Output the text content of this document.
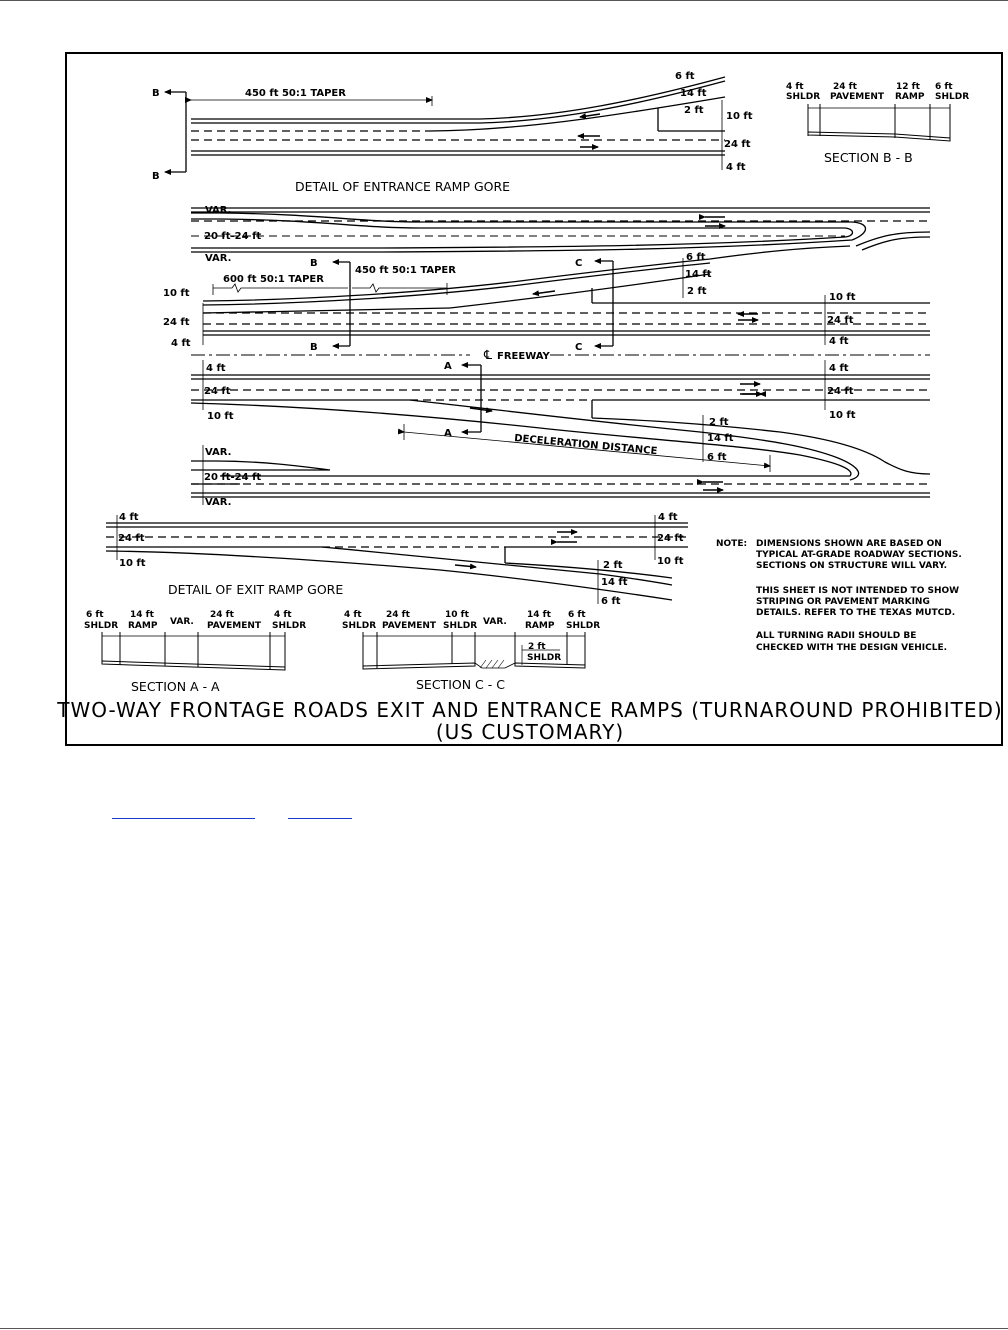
B
B
450 ft 50:1 TAPER
6 ft
14 ft
2 ft
10 ft
24 ft
4 ft
DETAIL OF ENTRANCE RAMP GORE
4 ft
SHLDR
24 ft
PAVEMENT
12 ft
RAMP
6 ft
SHLDR
SECTION B - B
VAR.
20 ft-24 ft
VAR.	B
B
C
C
600 ft 50:1 TAPER
450 ft 50:1 TAPER
6 ft
14 ft
2 ft
10 ft
24 ft
4 ft
10 ft
24 ft
4 ft
℄ FREEWAY
4 ft
24 ft
10 ft
4 ft
24 ft
10 ft
A
A
2 ft
14 ft
6 ft
DECELERATION DISTANCE
VAR.
20 ft-24 ft
VAR.
4 ft
24 ft
10 ft
4 ft
24 ft
10 ft
2 ft
14 ft
6 ft
DETAIL OF EXIT RAMP GORE
NOTE: DIMENSIONS SHOWN ARE BASED ON
TYPICAL AT-GRADE ROADWAY SECTIONS.
SECTIONS ON STRUCTURE WILL VARY.
THIS SHEET IS NOT INTENDED TO SHOW
STRIPING OR PAVEMENT MARKING
DETAILS. REFER TO THE TEXAS MUTCD.
ALL TURNING RADII SHOULD BE
CHECKED WITH THE DESIGN VEHICLE.
6 ft
SHLDR
14 ft
RAMP VAR.
24 ft
PAVEMENT
4 ft
SHLDR
SECTION A - A
4 ft
SHLDR
24 ft
PAVEMENT
10 ft
SHLDR VAR.
14 ft
RAMP
6 ft
SHLDR
2 ft
SHLDR
SECTION C - C
TWO-WAY FRONTAGE ROADS EXIT AND ENTRANCE RAMPS (TURNAROUND PROHIBITED)
(US CUSTOMARY)
